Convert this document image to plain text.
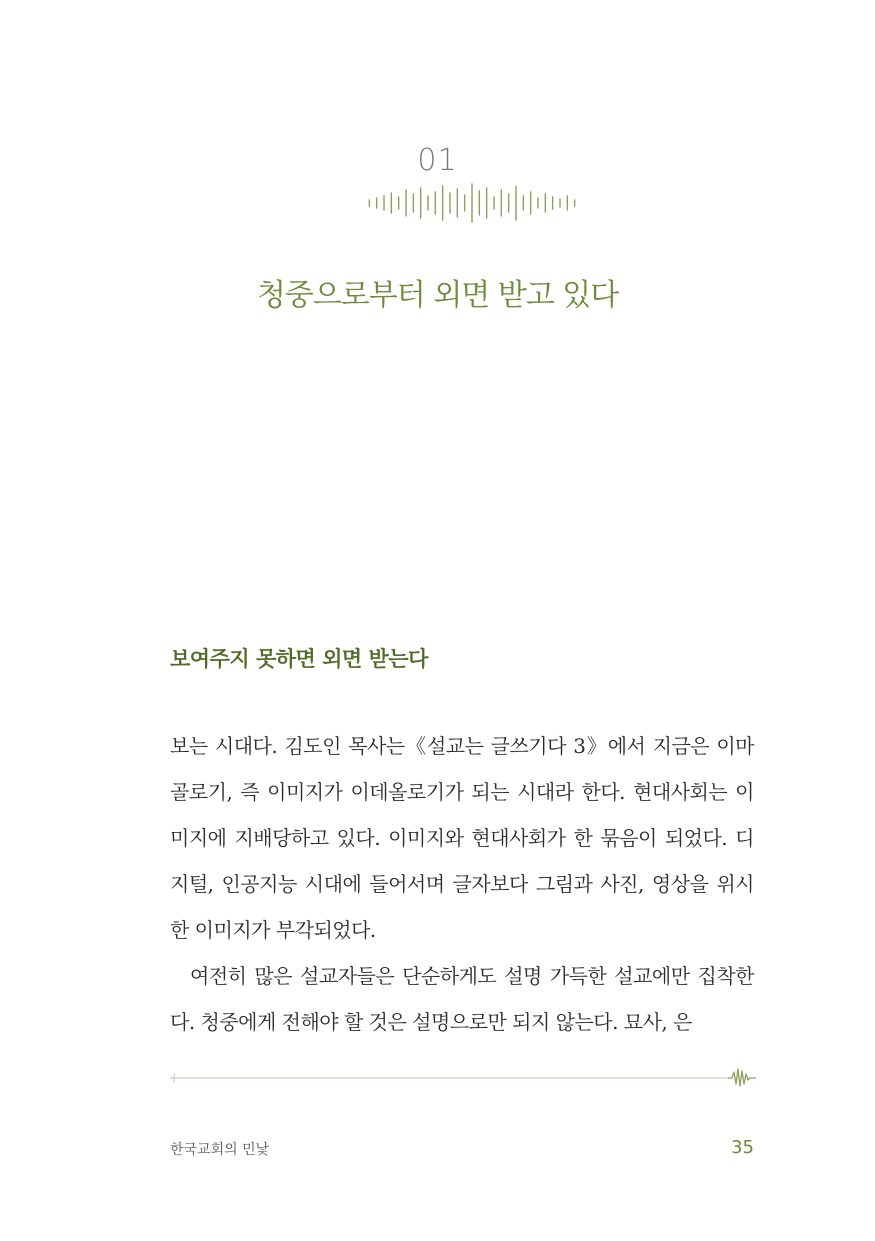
01
청중으로부터 외면 받고 있다
보여주지 못하면 외면 받는다

보는 시대다. 김도인 목사는《설교는 글쓰기다 3》에서 지금은 이마골로기, 즉 이미지가 이데올로기가 되는 시대라 한다. 현대사회는 이미지에 지배당하고 있다. 이미지와 현대사회가 한 묶음이 되었다. 디지털, 인공지능 시대에 들어서며 글자보다 그림과 사진, 영상을 위시한 이미지가 부각되었다.

여전히 많은 설교자들은 단순하게도 설명 가득한 설교에만 집착한다. 청중에게 전해야 할 것은 설명으로만 되지 않는다. 묘사, 은

한국교회의 민낯	35
